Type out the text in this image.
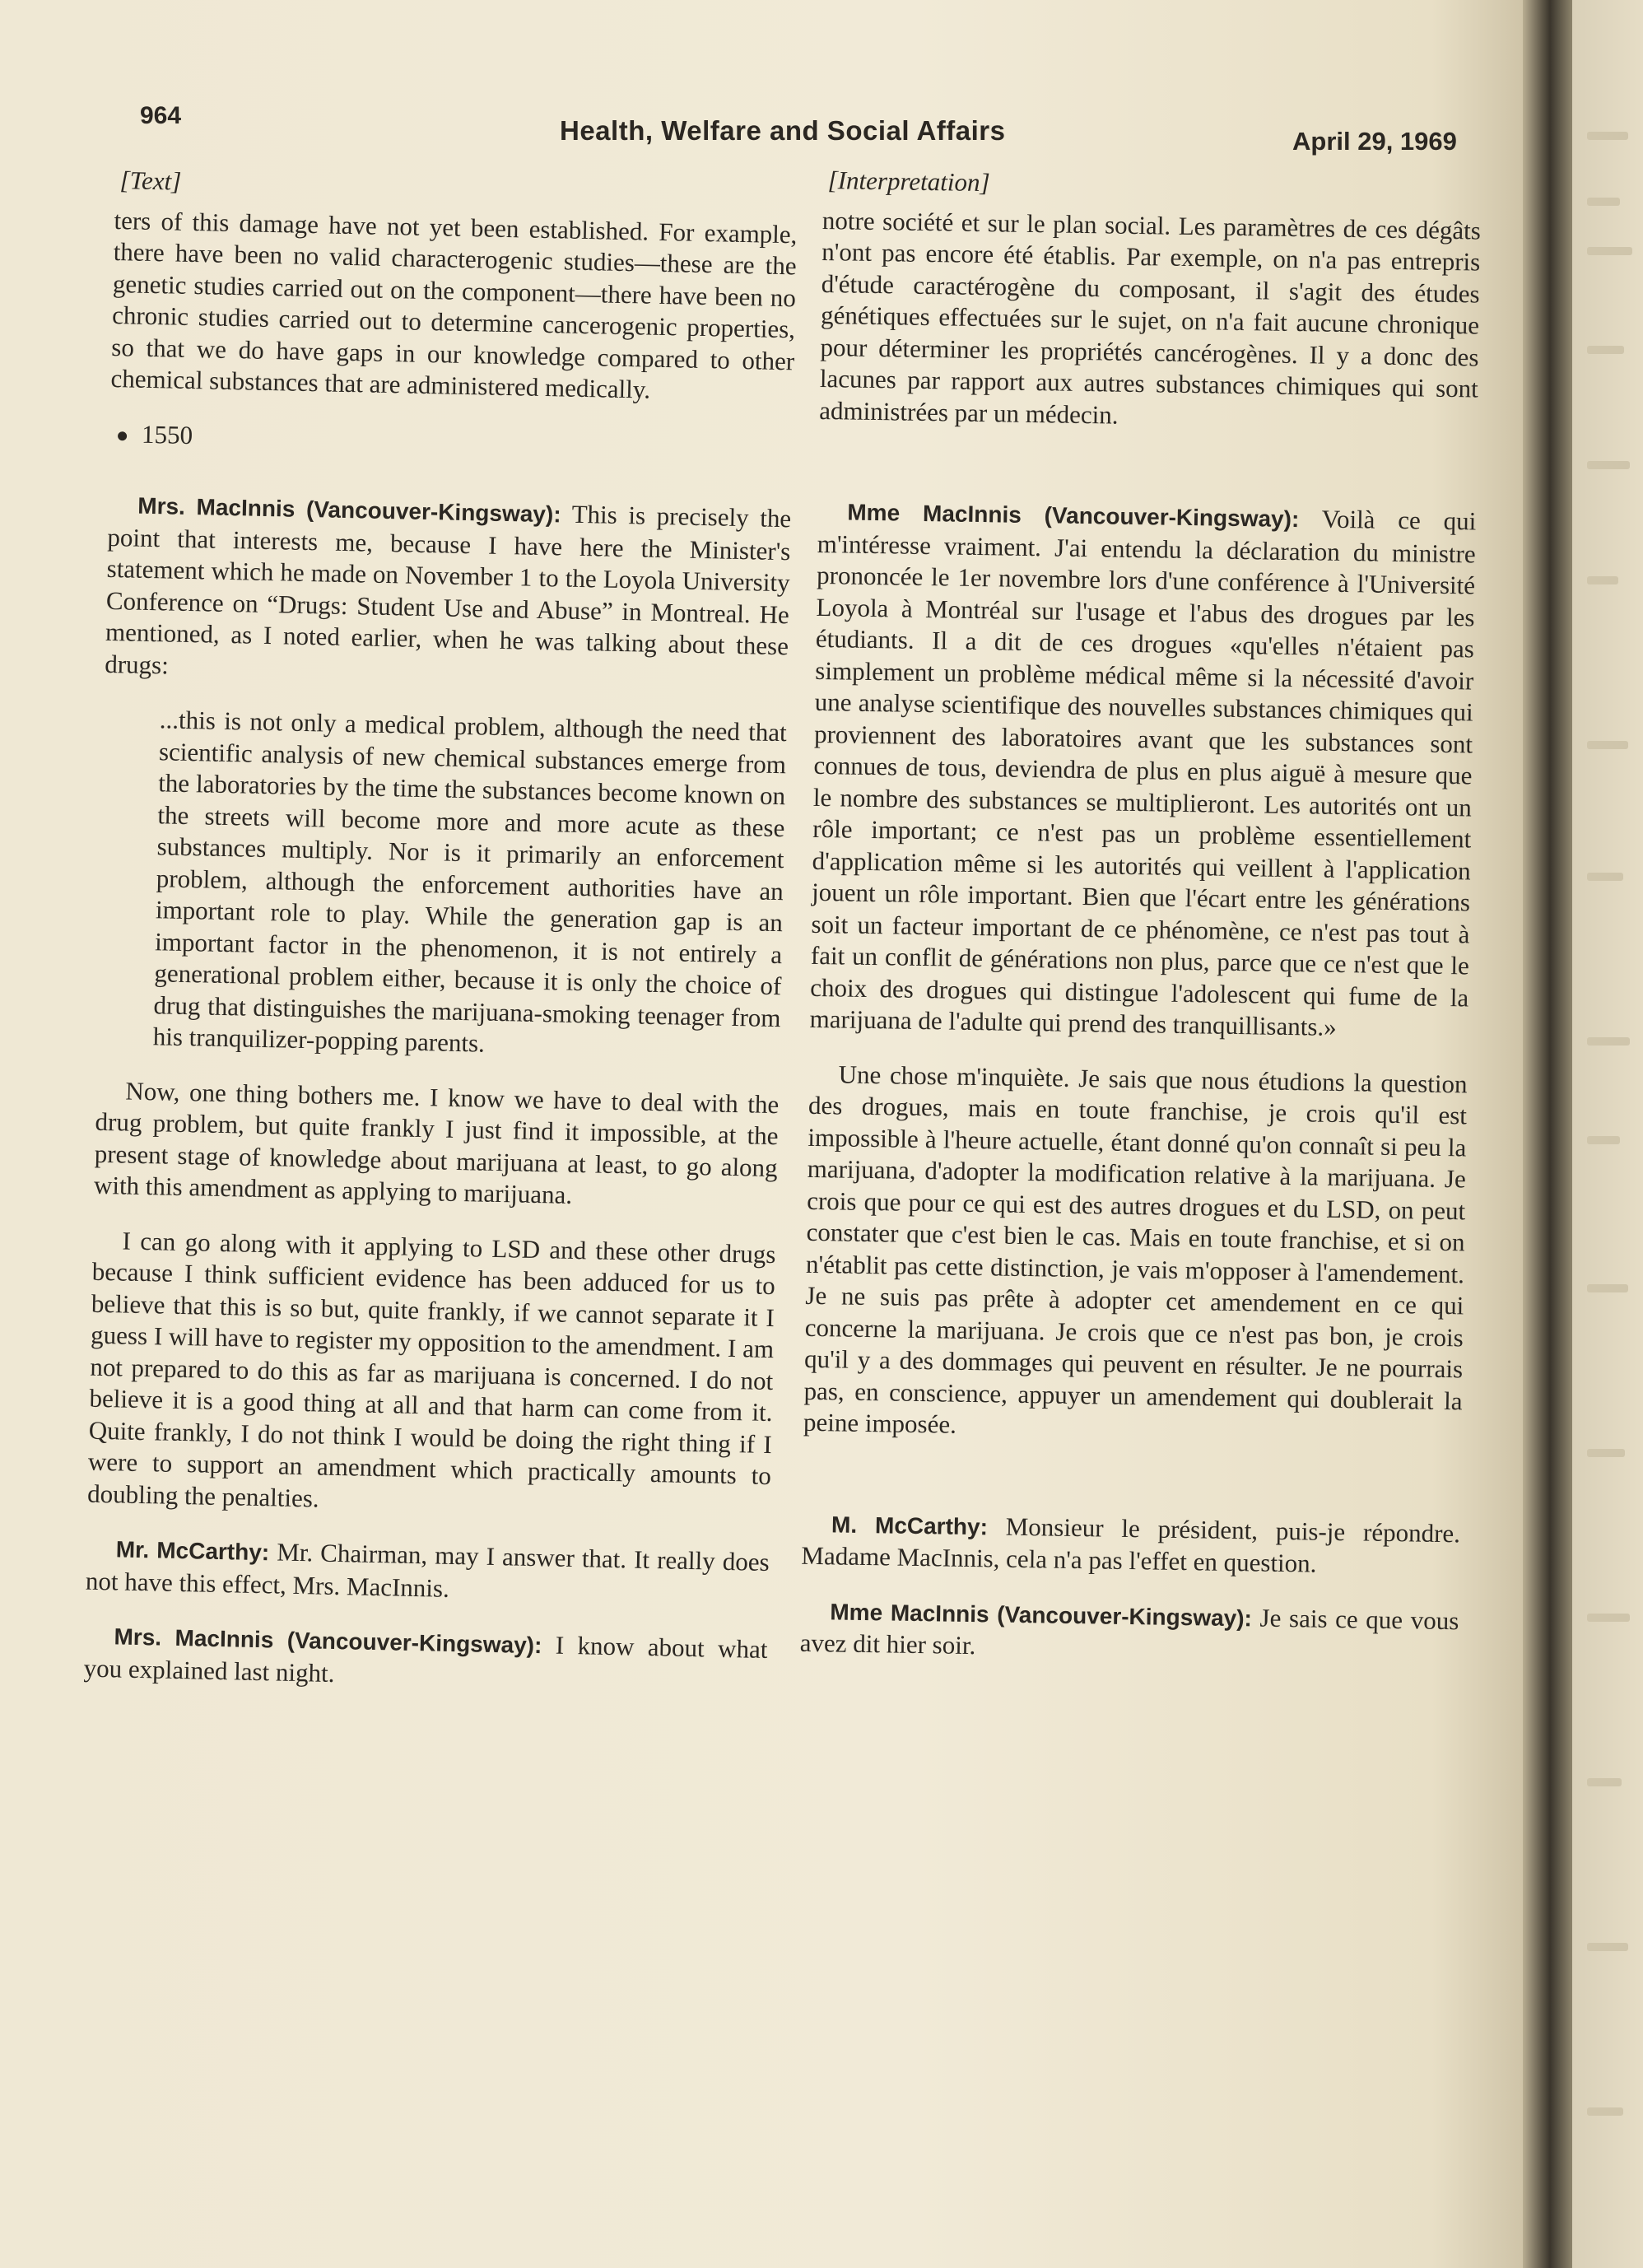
964	Health, Welfare and Social Affairs	April 29, 1969
[Text]

ters of this damage have not yet been established. For example, there have been no valid characterogenic studies—these are the genetic studies carried out on the component—there have been no chronic studies carried out to determine cancerogenic properties, so that we do have gaps in our knowledge compared to other chemical substances that are administered medically.

1550

Mrs. MacInnis (Vancouver-Kingsway): This is precisely the point that interests me, because I have here the Minister's statement which he made on November 1 to the Loyola University Conference on “Drugs: Student Use and Abuse” in Montreal. He mentioned, as I noted earlier, when he was talking about these drugs:

...this is not only a medical problem, although the need that scientific analysis of new chemical substances emerge from the laboratories by the time the substances become known on the streets will become more and more acute as these substances multiply. Nor is it primarily an enforcement problem, although the enforcement authorities have an important role to play. While the generation gap is an important factor in the phenomenon, it is not entirely a generational problem either, because it is only the choice of drug that distinguishes the marijuana-smoking teenager from his tranquilizer-popping parents.

Now, one thing bothers me. I know we have to deal with the drug problem, but quite frankly I just find it impossible, at the present stage of knowledge about marijuana at least, to go along with this amendment as applying to marijuana.

I can go along with it applying to LSD and these other drugs because I think sufficient evidence has been adduced for us to believe that this is so but, quite frankly, if we cannot separate it I guess I will have to register my opposition to the amendment. I am not prepared to do this as far as marijuana is concerned. I do not believe it is a good thing at all and that harm can come from it. Quite frankly, I do not think I would be doing the right thing if I were to support an amendment which practically amounts to doubling the penalties.

Mr. McCarthy: Mr. Chairman, may I answer that. It really does not have this effect, Mrs. MacInnis.

Mrs. MacInnis (Vancouver-Kingsway): I know about what you explained last night.

[Interpretation]

notre société et sur le plan social. Les paramètres de ces dégâts n'ont pas encore été établis. Par exemple, on n'a pas entrepris d'étude caractérogène du composant, il s'agit des études génétiques effectuées sur le sujet, on n'a fait aucune chronique pour déterminer les propriétés cancérogènes. Il y a donc des lacunes par rapport aux autres substances chimiques qui sont administrées par un médecin.

Mme MacInnis (Vancouver-Kingsway): Voilà ce qui m'intéresse vraiment. J'ai entendu la déclaration du ministre prononcée le 1er novembre lors d'une conférence à l'Université Loyola à Montréal sur l'usage et l'abus des drogues par les étudiants. Il a dit de ces drogues «qu'elles n'étaient pas simplement un problème médical même si la nécessité d'avoir une analyse scientifique des nouvelles substances chimiques qui proviennent des laboratoires avant que les substances sont connues de tous, deviendra de plus en plus aiguë à mesure que le nombre des substances se multiplieront. Les autorités ont un rôle important; ce n'est pas un problème essentiellement d'application même si les autorités qui veillent à l'application jouent un rôle important. Bien que l'écart entre les générations soit un facteur important de ce phénomène, ce n'est pas tout à fait un conflit de générations non plus, parce que ce n'est que le choix des drogues qui distingue l'adolescent qui fume de la marijuana de l'adulte qui prend des tranquillisants.»

Une chose m'inquiète. Je sais que nous étudions la question des drogues, mais en toute franchise, je crois qu'il est impossible à l'heure actuelle, étant donné qu'on connaît si peu la marijuana, d'adopter la modification relative à la marijuana. Je crois que pour ce qui est des autres drogues et du LSD, on peut constater que c'est bien le cas. Mais en toute franchise, et si on n'établit pas cette distinction, je vais m'opposer à l'amendement. Je ne suis pas prête à adopter cet amendement en ce qui concerne la marijuana. Je crois que ce n'est pas bon, je crois qu'il y a des dommages qui peuvent en résulter. Je ne pourrais pas, en conscience, appuyer un amendement qui doublerait la peine imposée.

M. McCarthy: Monsieur le président, puis-je répondre. Madame MacInnis, cela n'a pas l'effet en question.

Mme MacInnis (Vancouver-Kingsway): Je sais ce que vous avez dit hier soir.
